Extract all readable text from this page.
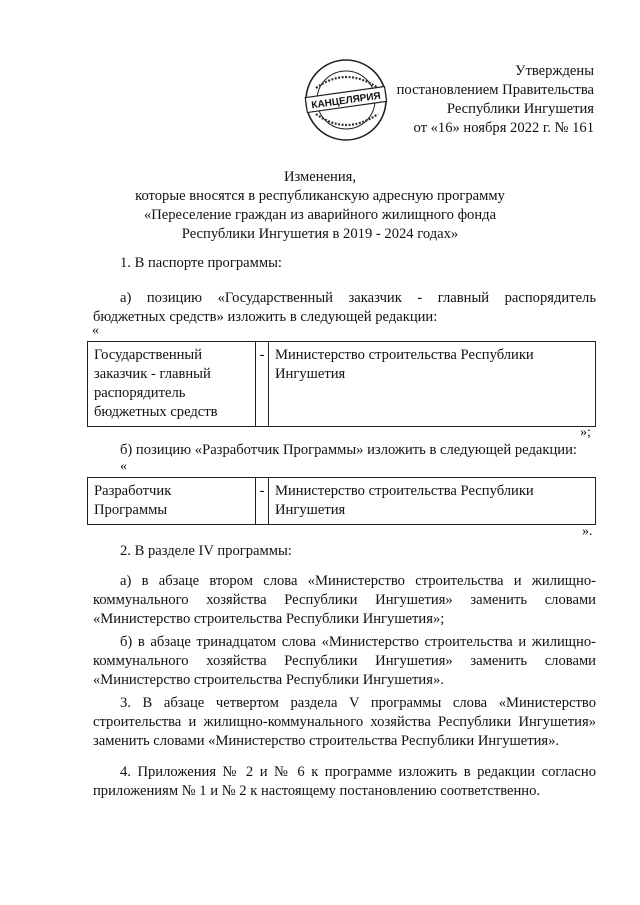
КАНЦЕЛЯРИЯ
Утверждены
постановлением Правительства
Республики Ингушетия
от «16» ноября 2022 г. № 161
Изменения,
которые вносятся в республиканскую адресную программу
«Переселение граждан из аварийного жилищного фонда
Республики Ингушетия в 2019 - 2024 годах»
1. В паспорте программы:
а) позицию «Государственный заказчик - главный распорядитель бюджетных средств» изложить в следующей редакции:
«
Государственный
заказчик - главный
распорядитель
бюджетных средств
	-	Министерство строительства Республики
Ингушетия
»;
б) позицию «Разработчик Программы» изложить в следующей редакции:
«
Разработчик
Программы
	-	Министерство строительства Республики
Ингушетия
».
2. В разделе IV программы:
а) в абзаце втором слова «Министерство строительства и жилищно-коммунального хозяйства Республики Ингушетия» заменить словами «Министерство строительства Республики Ингушетия»;
б) в абзаце тринадцатом слова «Министерство строительства и жилищно-коммунального хозяйства Республики Ингушетия» заменить словами «Министерство строительства Республики Ингушетия».
3. В абзаце четвертом раздела V программы слова «Министерство строительства и жилищно-коммунального хозяйства Республики Ингушетия» заменить словами «Министерство строительства Республики Ингушетия».
4. Приложения № 2 и № 6 к программе изложить в редакции согласно приложениям № 1 и № 2 к настоящему постановлению соответственно.
